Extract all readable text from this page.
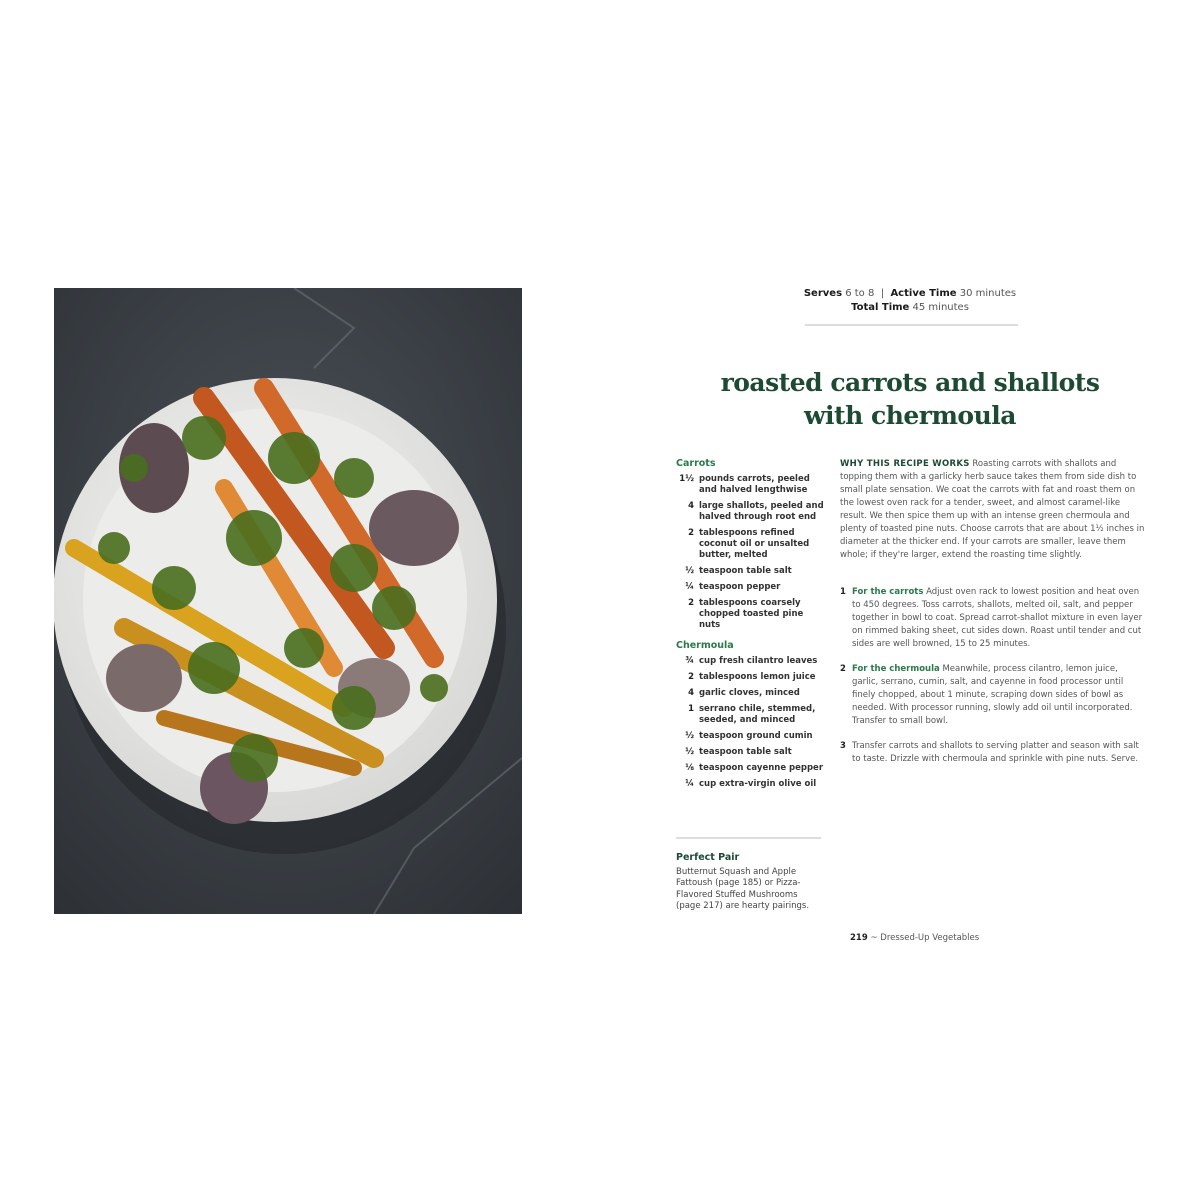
Serves 6 to 8 | Active Time 30 minutes
Total Time 45 minutes
roasted carrots and shallots
with chermoula
Carrots
1½ pounds carrots, peeled and halved lengthwise
4 large shallots, peeled and halved through root end
2 tablespoons refined coconut oil or unsalted butter, melted
½ teaspoon table salt
¼ teaspoon pepper
2 tablespoons coarsely chopped toasted pine nuts
Chermoula
¾ cup fresh cilantro leaves
2 tablespoons lemon juice
4 garlic cloves, minced
1 serrano chile, stemmed, seeded, and minced
½ teaspoon ground cumin
½ teaspoon table salt
⅛ teaspoon cayenne pepper
¼ cup extra-virgin olive oil
WHY THIS RECIPE WORKS Roasting carrots with shallots and topping them with a garlicky herb sauce takes them from side dish to small plate sensation. We coat the carrots with fat and roast them on the lowest oven rack for a tender, sweet, and almost caramel-like result. We then spice them up with an intense green chermoula and plenty of toasted pine nuts. Choose carrots that are about 1½ inches in diameter at the thicker end. If your carrots are smaller, leave them whole; if they're larger, extend the roasting time slightly.
1 For the carrots Adjust oven rack to lowest position and heat oven to 450 degrees. Toss carrots, shallots, melted oil, salt, and pepper together in bowl to coat. Spread carrot-shallot mixture in even layer on rimmed baking sheet, cut sides down. Roast until tender and cut sides are well browned, 15 to 25 minutes.
2 For the chermoula Meanwhile, process cilantro, lemon juice, garlic, serrano, cumin, salt, and cayenne in food processor until finely chopped, about 1 minute, scraping down sides of bowl as needed. With processor running, slowly add oil until incorporated. Transfer to small bowl.
3 Transfer carrots and shallots to serving platter and season with salt to taste. Drizzle with chermoula and sprinkle with pine nuts. Serve.
Perfect Pair
Butternut Squash and Apple Fattoush (page 185) or Pizza-Flavored Stuffed Mushrooms (page 217) are hearty pairings.
219 ~ Dressed-Up Vegetables
